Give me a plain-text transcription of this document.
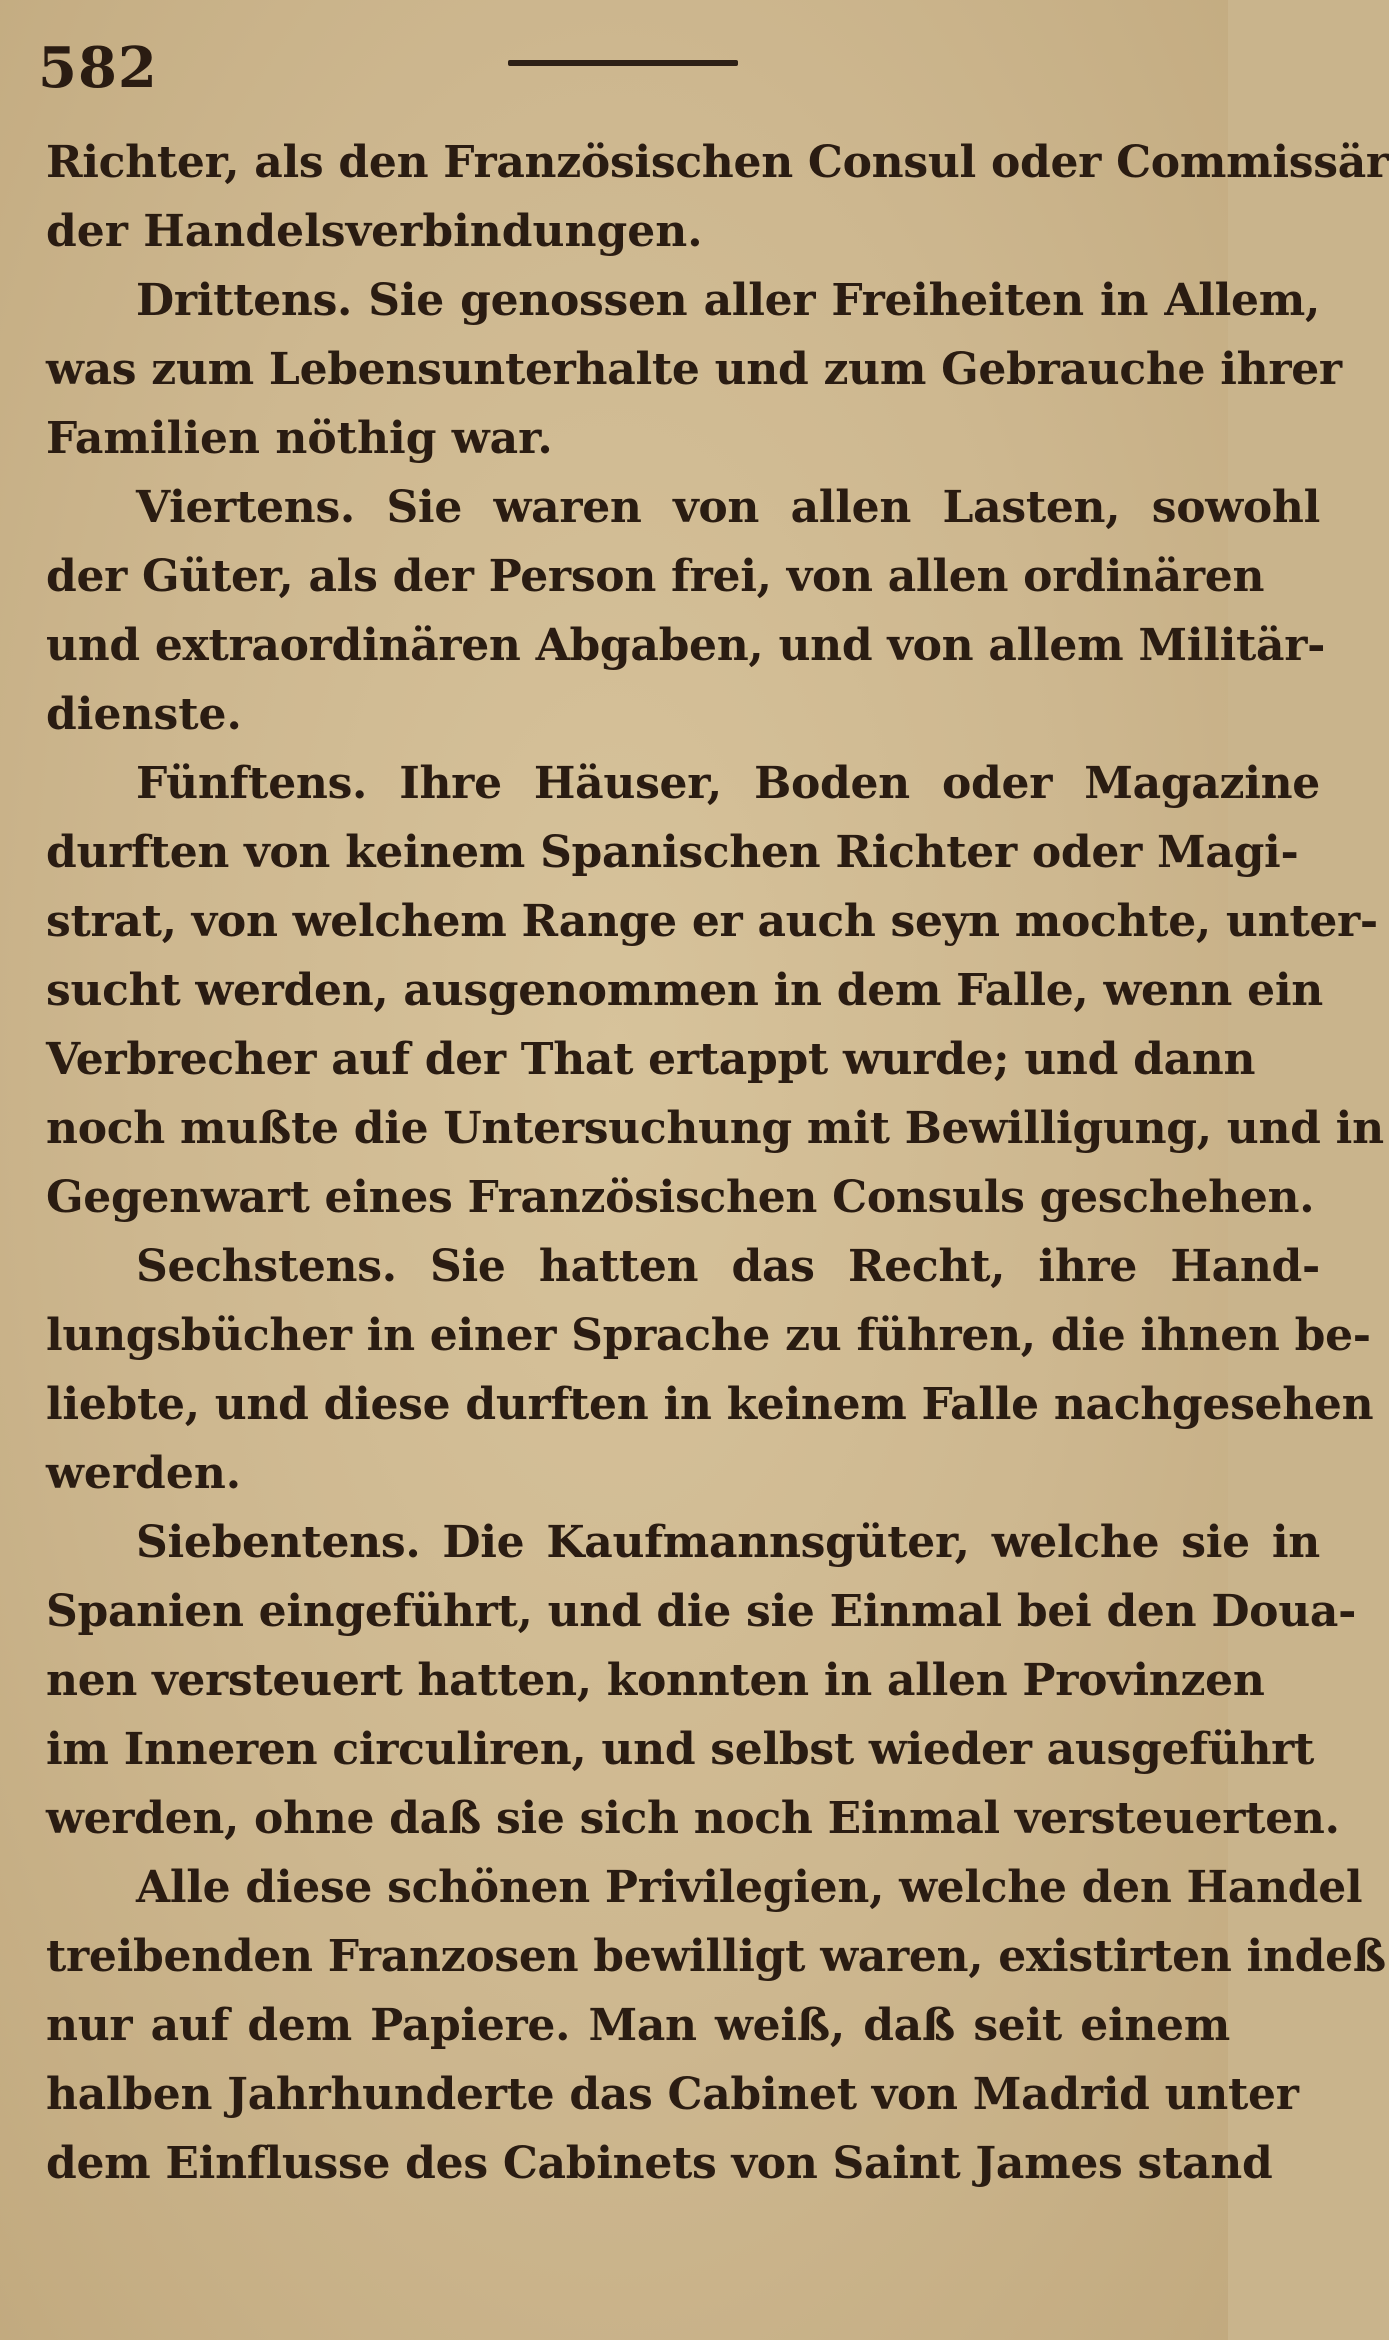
582
Richter, als den Französischen Consul oder Commissär
der Handelsverbindungen.
Drittens. Sie genossen aller Freiheiten in Allem,
was zum Lebensunterhalte und zum Gebrauche ihrer
Familien nöthig war.
Viertens. Sie waren von allen Lasten, sowohl
der Güter, als der Person frei, von allen ordinären
und extraordinären Abgaben, und von allem Militär-
dienste.
Fünftens. Ihre Häuser, Boden oder Magazine
durften von keinem Spanischen Richter oder Magi-
strat, von welchem Range er auch seyn mochte, unter-
sucht werden, ausgenommen in dem Falle, wenn ein
Verbrecher auf der That ertappt wurde; und dann
noch mußte die Untersuchung mit Bewilligung, und in
Gegenwart eines Französischen Consuls geschehen.
Sechstens. Sie hatten das Recht, ihre Hand-
lungsbücher in einer Sprache zu führen, die ihnen be-
liebte, und diese durften in keinem Falle nachgesehen
werden.
Siebentens. Die Kaufmannsgüter, welche sie in
Spanien eingeführt, und die sie Einmal bei den Doua-
nen versteuert hatten, konnten in allen Provinzen
im Inneren circuliren, und selbst wieder ausgeführt
werden, ohne daß sie sich noch Einmal versteuerten.
Alle diese schönen Privilegien, welche den Handel
treibenden Franzosen bewilligt waren, existirten indeß
nur auf dem Papiere. Man weiß, daß seit einem
halben Jahrhunderte das Cabinet von Madrid unter
dem Einflusse des Cabinets von Saint James stand
